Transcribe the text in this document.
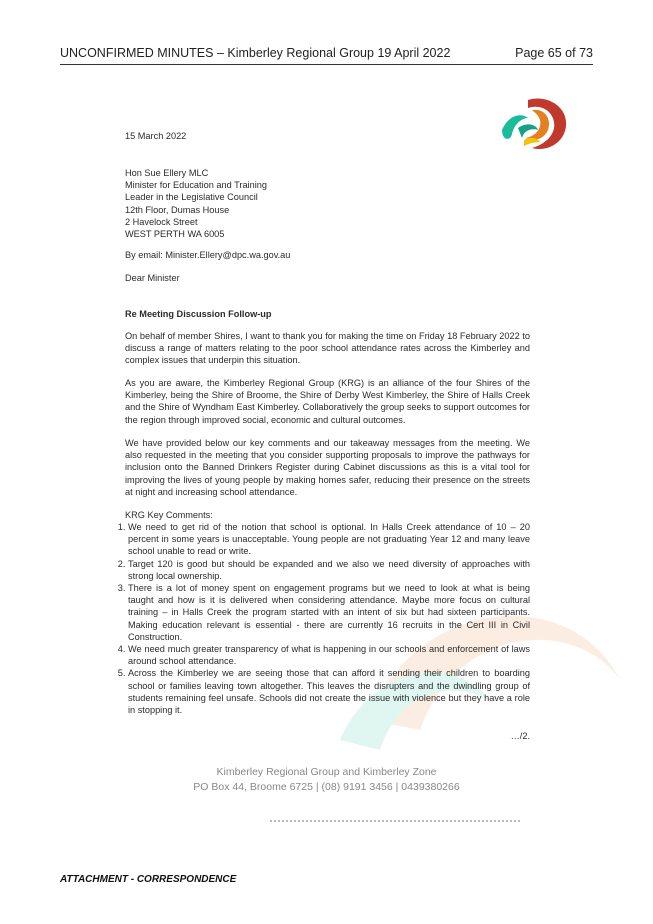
UNCONFIRMED MINUTES – Kimberley Regional Group 19 April 2022	Page 65 of 73
15 March 2022
Hon Sue Ellery MLC
Minister for Education and Training
Leader in the Legislative Council
12th Floor, Dumas House
2 Havelock Street
WEST PERTH WA 6005
By email: Minister.Ellery@dpc.wa.gov.au
Dear Minister
Re Meeting Discussion Follow-up
On behalf of member Shires, I want to thank you for making the time on Friday 18 February 2022 to discuss a range of matters relating to the poor school attendance rates across the Kimberley and complex issues that underpin this situation.
As you are aware, the Kimberley Regional Group (KRG) is an alliance of the four Shires of the Kimberley, being the Shire of Broome, the Shire of Derby West Kimberley, the Shire of Halls Creek and the Shire of Wyndham East Kimberley. Collaboratively the group seeks to support outcomes for the region through improved social, economic and cultural outcomes.
We have provided below our key comments and our takeaway messages from the meeting. We also requested in the meeting that you consider supporting proposals to improve the pathways for inclusion onto the Banned Drinkers Register during Cabinet discussions as this is a vital tool for improving the lives of young people by making homes safer, reducing their presence on the streets at night and increasing school attendance.
KRG Key Comments:
1. We need to get rid of the notion that school is optional. In Halls Creek attendance of 10 – 20 percent in some years is unacceptable. Young people are not graduating Year 12 and many leave school unable to read or write.
2. Target 120 is good but should be expanded and we also we need diversity of approaches with strong local ownership.
3. There is a lot of money spent on engagement programs but we need to look at what is being taught and how is it is delivered when considering attendance. Maybe more focus on cultural training – in Halls Creek the program started with an intent of six but had sixteen participants. Making education relevant is essential - there are currently 16 recruits in the Cert III in Civil Construction.
4. We need much greater transparency of what is happening in our schools and enforcement of laws around school attendance.
5. Across the Kimberley we are seeing those that can afford it sending their children to boarding school or families leaving town altogether. This leaves the disrupters and the dwindling group of students remaining feel unsafe. Schools did not create the issue with violence but they have a role in stopping it.
…/2.
Kimberley Regional Group and Kimberley Zone
PO Box 44, Broome 6725 | (08) 9191 3456 | 0439380266
ATTACHMENT - CORRESPONDENCE
